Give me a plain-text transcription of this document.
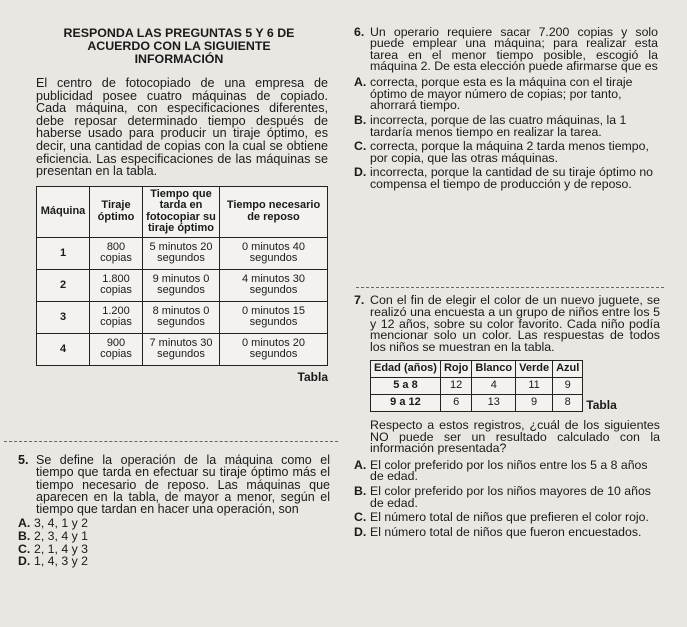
RESPONDA LAS PREGUNTAS 5 Y 6 DE ACUERDO CON LA SIGUIENTE INFORMACIÓN
El centro de fotocopiado de una empresa de publicidad posee cuatro máquinas de copiado. Cada máquina, con especificaciones diferentes, debe reposar determinado tiempo después de haberse usado para producir un tiraje óptimo, es decir, una cantidad de copias con la cual se obtiene eficiencia. Las especificaciones de las máquinas se presentan en la tabla.
Máquina	Tiraje óptimo	Tiempo que tarda en fotocopiar su tiraje óptimo	Tiempo necesario de reposo
1	800 copias	5 minutos 20 segundos	0 minutos 40 segundos
2	1.800 copias	9 minutos 0 segundos	4 minutos 30 segundos
3	1.200 copias	8 minutos 0 segundos	0 minutos 15 segundos
4	900 copias	7 minutos 30 segundos	0 minutos 20 segundos
Tabla
5. Se define la operación de la máquina como el tiempo que tarda en efectuar su tiraje óptimo más el tiempo necesario de reposo. Las máquinas que aparecen en la tabla, de mayor a menor, según el tiempo que tardan en hacer una operación, son
A. 3, 4, 1 y 2
B. 2, 3, 4 y 1
C. 2, 1, 4 y 3
D. 1, 4, 3 y 2
6. Un operario requiere sacar 7.200 copias y solo puede emplear una máquina; para realizar esta tarea en el menor tiempo posible, escogió la máquina 2. De esta elección puede afirmarse que es
A. correcta, porque esta es la máquina con el tiraje óptimo de mayor número de copias; por tanto, ahorrará tiempo.
B. incorrecta, porque de las cuatro máquinas, la 1 tardaría menos tiempo en realizar la tarea.
C. correcta, porque la máquina 2 tarda menos tiempo, por copia, que las otras máquinas.
D. incorrecta, porque la cantidad de su tiraje óptimo no compensa el tiempo de producción y de reposo.
7. Con el fin de elegir el color de un nuevo juguete, se realizó una encuesta a un grupo de niños entre los 5 y 12 años, sobre su color favorito. Cada niño podía mencionar solo un color. Las respuestas de todos los niños se muestran en la tabla.
Edad (años)	Rojo	Blanco	Verde	Azul
5 a 8	12	4	11	9
9 a 12	6	13	9	8 Tabla
Respecto a estos registros, ¿cuál de los siguientes NO puede ser un resultado calculado con la información presentada?
A. El color preferido por los niños entre los 5 a 8 años de edad.
B. El color preferido por los niños mayores de 10 años de edad.
C. El número total de niños que prefieren el color rojo.
D. El número total de niños que fueron encuestados.
